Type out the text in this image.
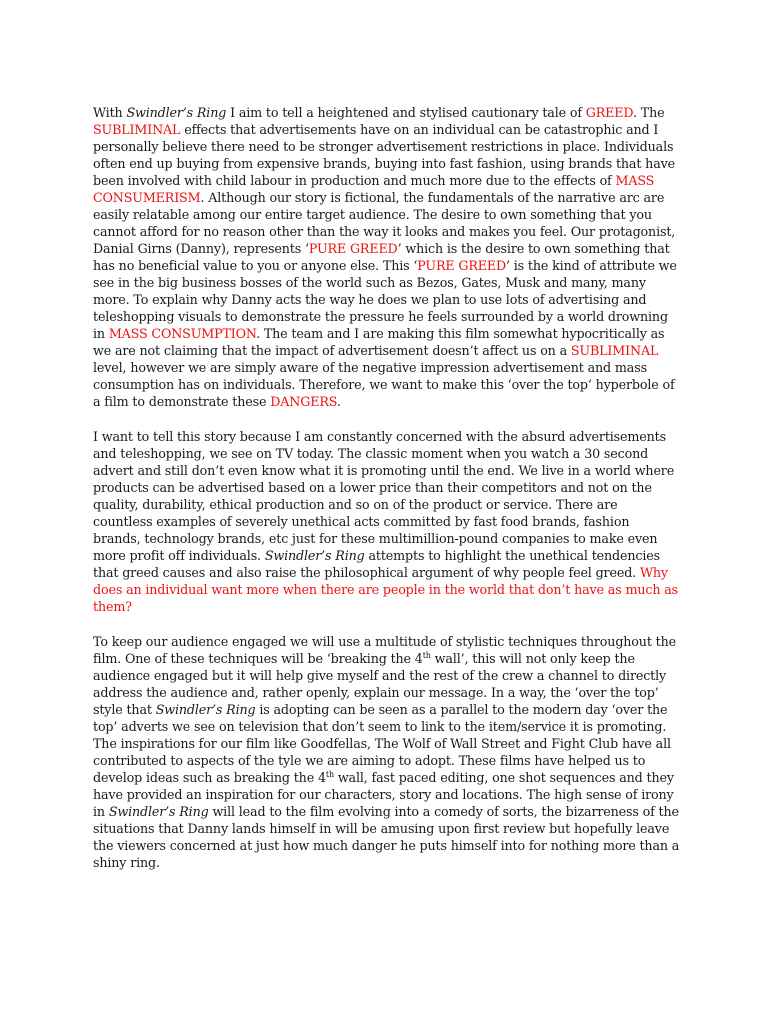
With Swindler’s Ring I aim to tell a heightened and stylised cautionary tale of GREED. The SUBLIMINAL effects that advertisements have on an individual can be catastrophic and I personally believe there need to be stronger advertisement restrictions in place. Individuals often end up buying from expensive brands, buying into fast fashion, using brands that have been involved with child labour in production and much more due to the effects of MASS CONSUMERISM. Although our story is fictional, the fundamentals of the narrative arc are easily relatable among our entire target audience. The desire to own something that you cannot afford for no reason other than the way it looks and makes you feel. Our protagonist, Danial Girns (Danny), represents ‘PURE GREED’ which is the desire to own something that has no beneficial value to you or anyone else. This ‘PURE GREED’ is the kind of attribute we see in the big business bosses of the world such as Bezos, Gates, Musk and many, many more. To explain why Danny acts the way he does we plan to use lots of advertising and teleshopping visuals to demonstrate the pressure he feels surrounded by a world drowning in MASS CONSUMPTION. The team and I are making this film somewhat hypocritically as we are not claiming that the impact of advertisement doesn’t affect us on a SUBLIMINAL level, however we are simply aware of the negative impression advertisement and mass consumption has on individuals. Therefore, we want to make this ‘over the top’ hyperbole of a film to demonstrate these DANGERS.

I want to tell this story because I am constantly concerned with the absurd advertisements and teleshopping, we see on TV today. The classic moment when you watch a 30 second advert and still don’t even know what it is promoting until the end. We live in a world where products can be advertised based on a lower price than their competitors and not on the quality, durability, ethical production and so on of the product or service. There are countless examples of severely unethical acts committed by fast food brands, fashion brands, technology brands, etc just for these multimillion-pound companies to make even more profit off individuals. Swindler’s Ring attempts to highlight the unethical tendencies that greed causes and also raise the philosophical argument of why people feel greed. Why does an individual want more when there are people in the world that don’t have as much as them?

To keep our audience engaged we will use a multitude of stylistic techniques throughout the film. One of these techniques will be ‘breaking the 4th wall’, this will not only keep the audience engaged but it will help give myself and the rest of the crew a channel to directly address the audience and, rather openly, explain our message. In a way, the ‘over the top’ style that Swindler’s Ring is adopting can be seen as a parallel to the modern day ‘over the top’ adverts we see on television that don’t seem to link to the item/service it is promoting. The inspirations for our film like Goodfellas, The Wolf of Wall Street and Fight Club have all contributed to aspects of the tyle we are aiming to adopt. These films have helped us to develop ideas such as breaking the 4th wall, fast paced editing, one shot sequences and they have provided an inspiration for our characters, story and locations. The high sense of irony in Swindler’s Ring will lead to the film evolving into a comedy of sorts, the bizarreness of the situations that Danny lands himself in will be amusing upon first review but hopefully leave the viewers concerned at just how much danger he puts himself into for nothing more than a shiny ring.
